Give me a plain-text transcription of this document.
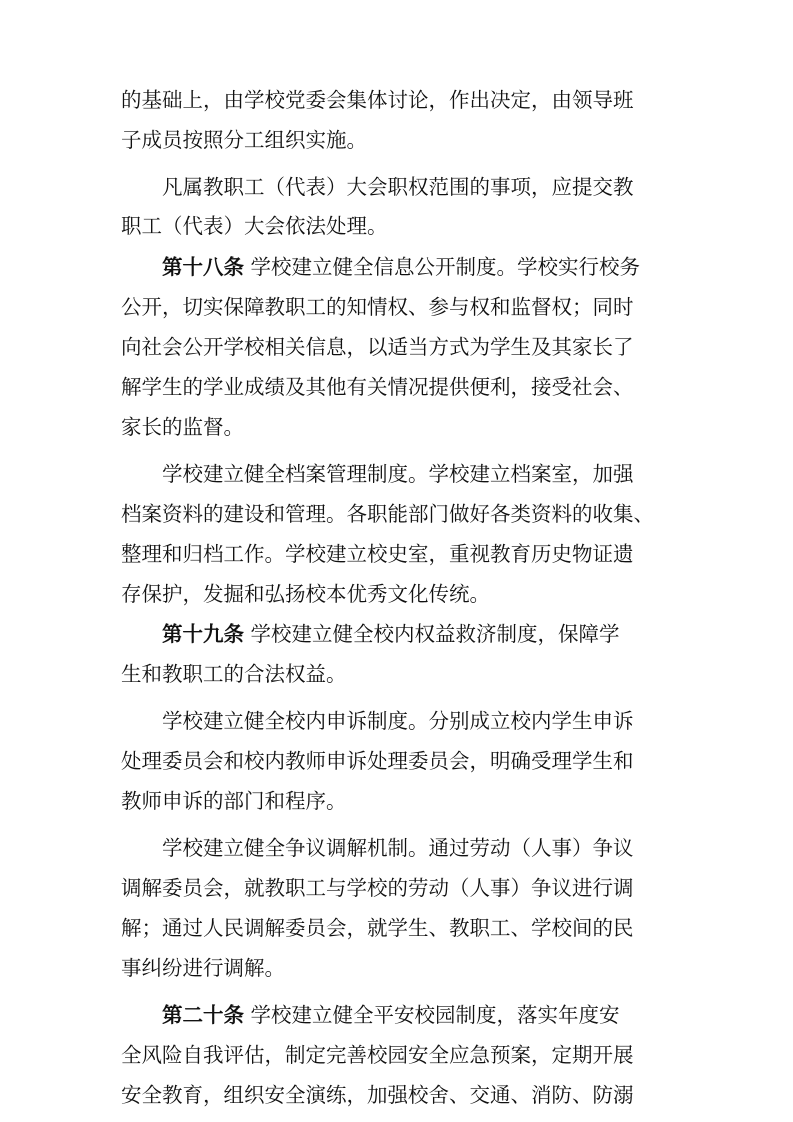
的基础上，由学校党委会集体讨论，作出决定，由领导班
子成员按照分工组织实施。
凡属教职工（代表）大会职权范围的事项，应提交教
职工（代表）大会依法处理。
第十八条 学校建立健全信息公开制度。学校实行校务
公开，切实保障教职工的知情权、参与权和监督权；同时
向社会公开学校相关信息，以适当方式为学生及其家长了
解学生的学业成绩及其他有关情况提供便利，接受社会、
家长的监督。
学校建立健全档案管理制度。学校建立档案室，加强
档案资料的建设和管理。各职能部门做好各类资料的收集、
整理和归档工作。学校建立校史室，重视教育历史物证遗
存保护，发掘和弘扬校本优秀文化传统。
第十九条 学校建立健全校内权益救济制度，保障学
生和教职工的合法权益。
学校建立健全校内申诉制度。分别成立校内学生申诉
处理委员会和校内教师申诉处理委员会，明确受理学生和
教师申诉的部门和程序。
学校建立健全争议调解机制。通过劳动（人事）争议
调解委员会，就教职工与学校的劳动（人事）争议进行调
解；通过人民调解委员会，就学生、教职工、学校间的民
事纠纷进行调解。
第二十条 学校建立健全平安校园制度，落实年度安
全风险自我评估，制定完善校园安全应急预案，定期开展
安全教育，组织安全演练，加强校舍、交通、消防、防溺
